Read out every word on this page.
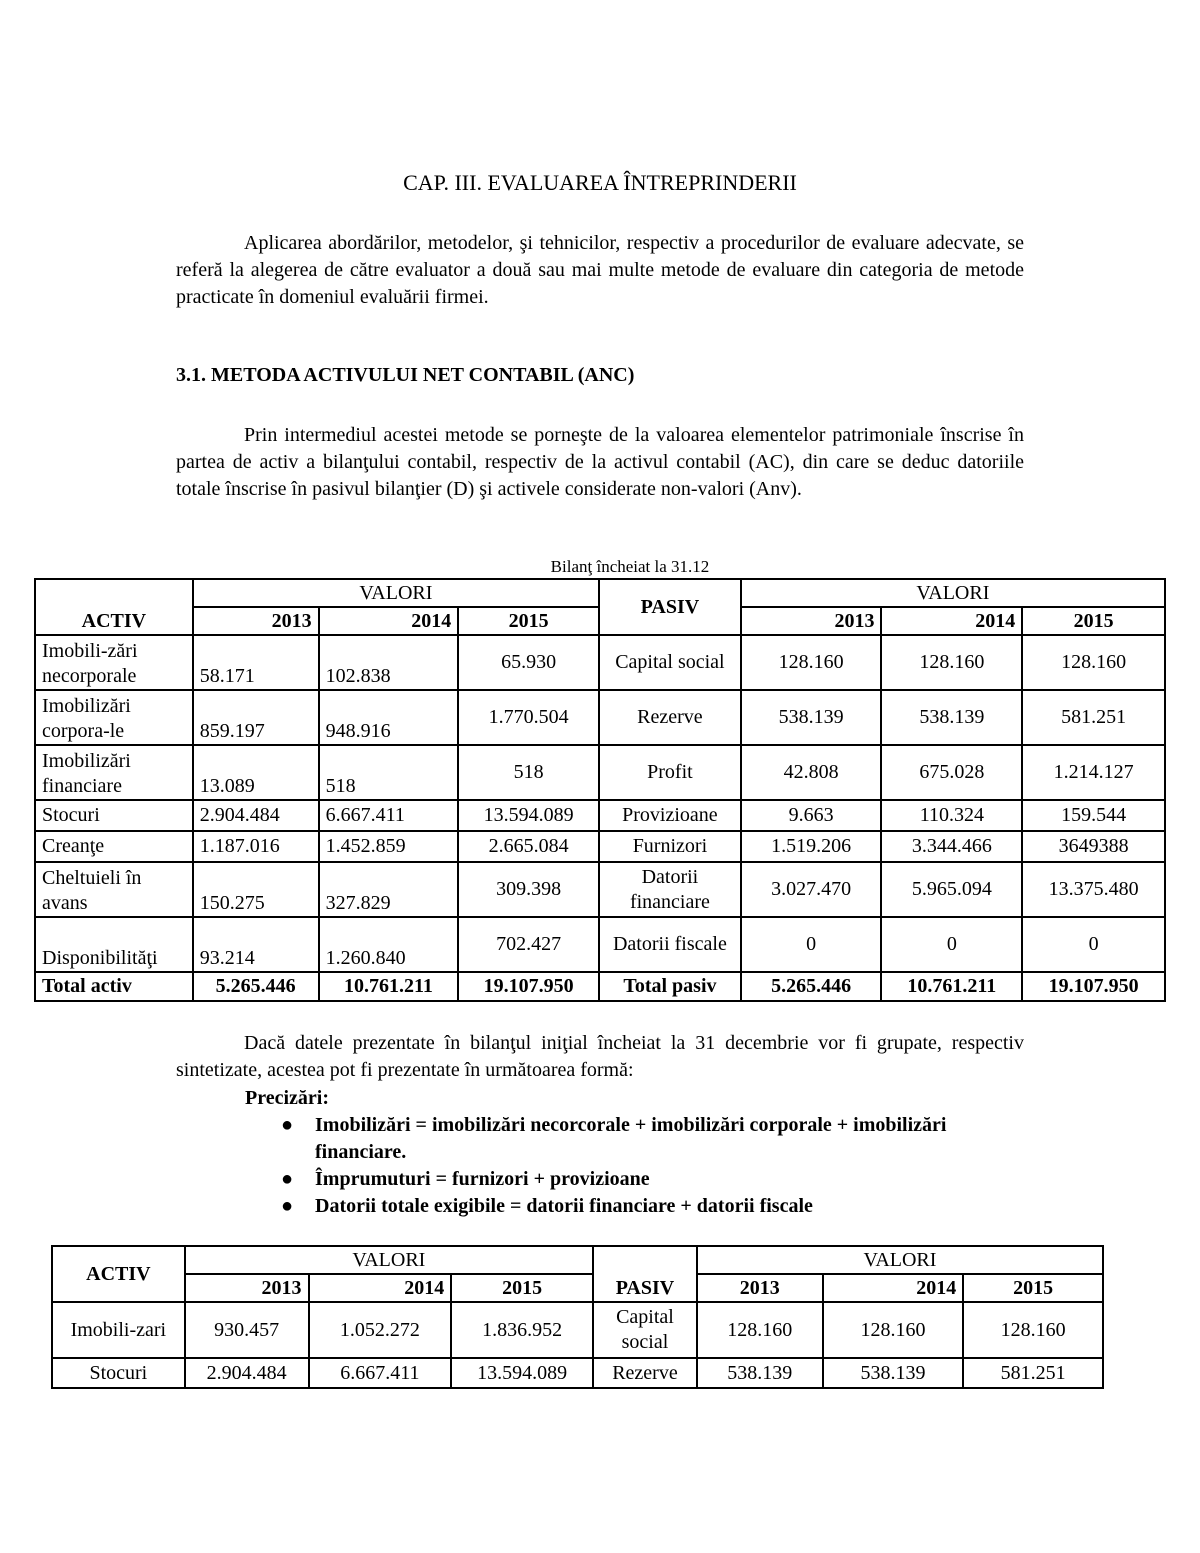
CAP. III. EVALUAREA ÎNTREPRINDERII
Aplicarea abordărilor, metodelor, şi tehnicilor, respectiv a procedurilor de evaluare adecvate, se referă la alegerea de către evaluator a două sau mai multe metode de evaluare din categoria de metode practicate în domeniul evaluării firmei.
3.1. METODA ACTIVULUI NET CONTABIL (ANC)
Prin intermediul acestei metode se porneşte de la valoarea elementelor patrimoniale înscrise în partea de activ a bilanţului contabil, respectiv de la activul contabil (AC), din care se deduc datoriile totale înscrise în pasivul bilanţier (D) şi activele considerate non-valori (Anv).
Bilanţ încheiat la 31.12
ACTIV	VALORI			PASIV	VALORI		
	2013	2014	2015		2013	2014	2015
Imobili-zări necorporale	58.171	102.838	65.930	Capital social	128.160	128.160	128.160
Imobilizări corpora-le	859.197	948.916	1.770.504	Rezerve	538.139	538.139	581.251
Imobilizări financiare	13.089	518	518	Profit	42.808	675.028	1.214.127
Stocuri	2.904.484	6.667.411	13.594.089	Provizioane	9.663	110.324	159.544
Creanţe	1.187.016	1.452.859	2.665.084	Furnizori	1.519.206	3.344.466	3649388
Cheltuieli în avans	150.275	327.829	309.398	Datorii financiare	3.027.470	5.965.094	13.375.480
Disponibilităţi	93.214	1.260.840	702.427	Datorii fiscale	0	0	0
Total activ	5.265.446	10.761.211	19.107.950	Total pasiv	5.265.446	10.761.211	19.107.950
Dacă datele prezentate în bilanţul iniţial încheiat la 31 decembrie vor fi grupate, respectiv sintetizate, acestea pot fi prezentate în următoarea formă:
Precizări:
● Imobilizări = imobilizări necorcorale + imobilizări corporale + imobilizări financiare.
● Împrumuturi = furnizori + provizioane
● Datorii totale exigibile = datorii financiare + datorii fiscale
ACTIV	VALORI			PASIV	VALORI		
	2013	2014	2015		2013	2014	2015
Imobili-zari	930.457	1.052.272	1.836.952	Capital social	128.160	128.160	128.160
Stocuri	2.904.484	6.667.411	13.594.089	Rezerve	538.139	538.139	581.251
